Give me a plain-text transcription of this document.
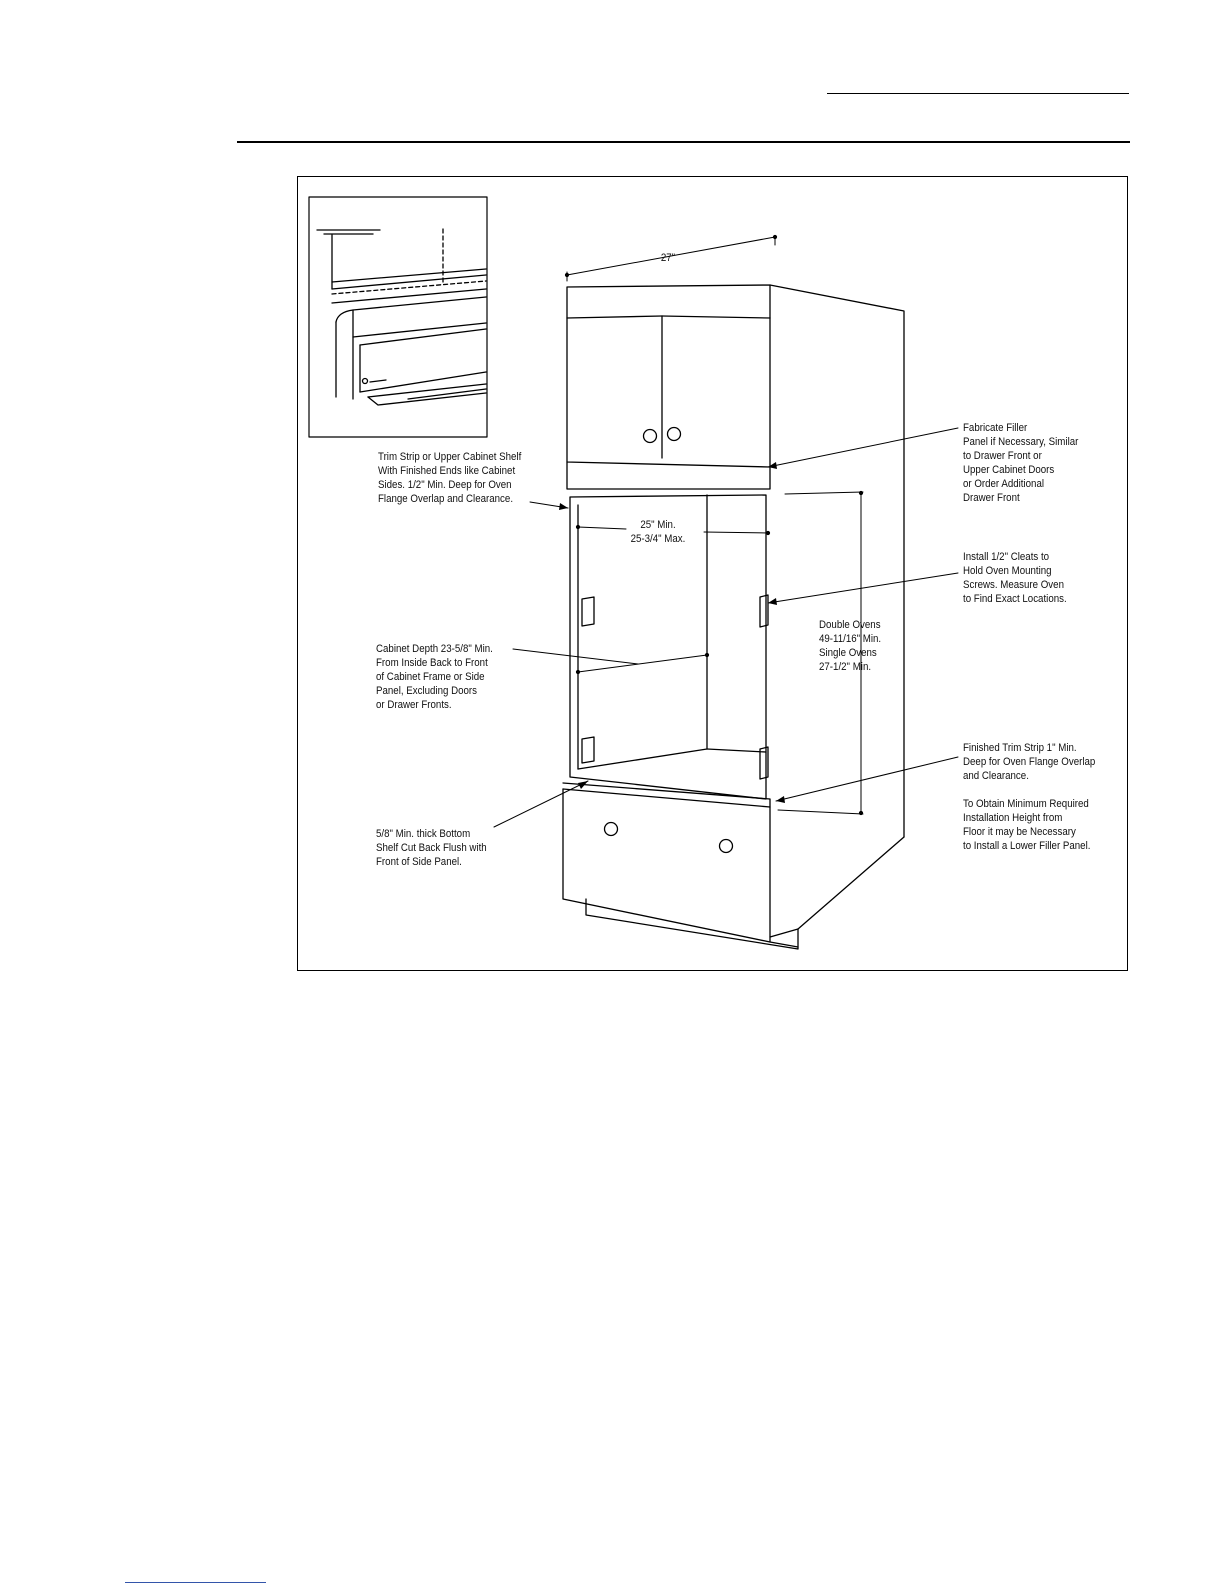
27"
Trim Strip or Upper Cabinet Shelf
With Finished Ends like Cabinet
Sides. 1/2" Min. Deep for Oven
Flange Overlap and Clearance.
25" Min.
25-3/4" Max.
Cabinet Depth 23-5/8" Min.
From Inside Back to Front
of Cabinet Frame or Side
Panel, Excluding Doors
or Drawer Fronts.
5/8" Min. thick Bottom
Shelf Cut Back Flush with
Front of Side Panel.
Fabricate Filler
Panel if Necessary, Similar
to Drawer Front or
Upper Cabinet Doors
or Order Additional
Drawer Front
Install 1/2" Cleats to
Hold Oven Mounting
Screws. Measure Oven
to Find Exact Locations.
Double Ovens
49-11/16" Min.
Single Ovens
27-1/2" Min.
Finished Trim Strip 1" Min.
Deep for Oven Flange Overlap
and Clearance.
To Obtain Minimum Required
Installation Height from
Floor it may be Necessary
to Install a Lower Filler Panel.
